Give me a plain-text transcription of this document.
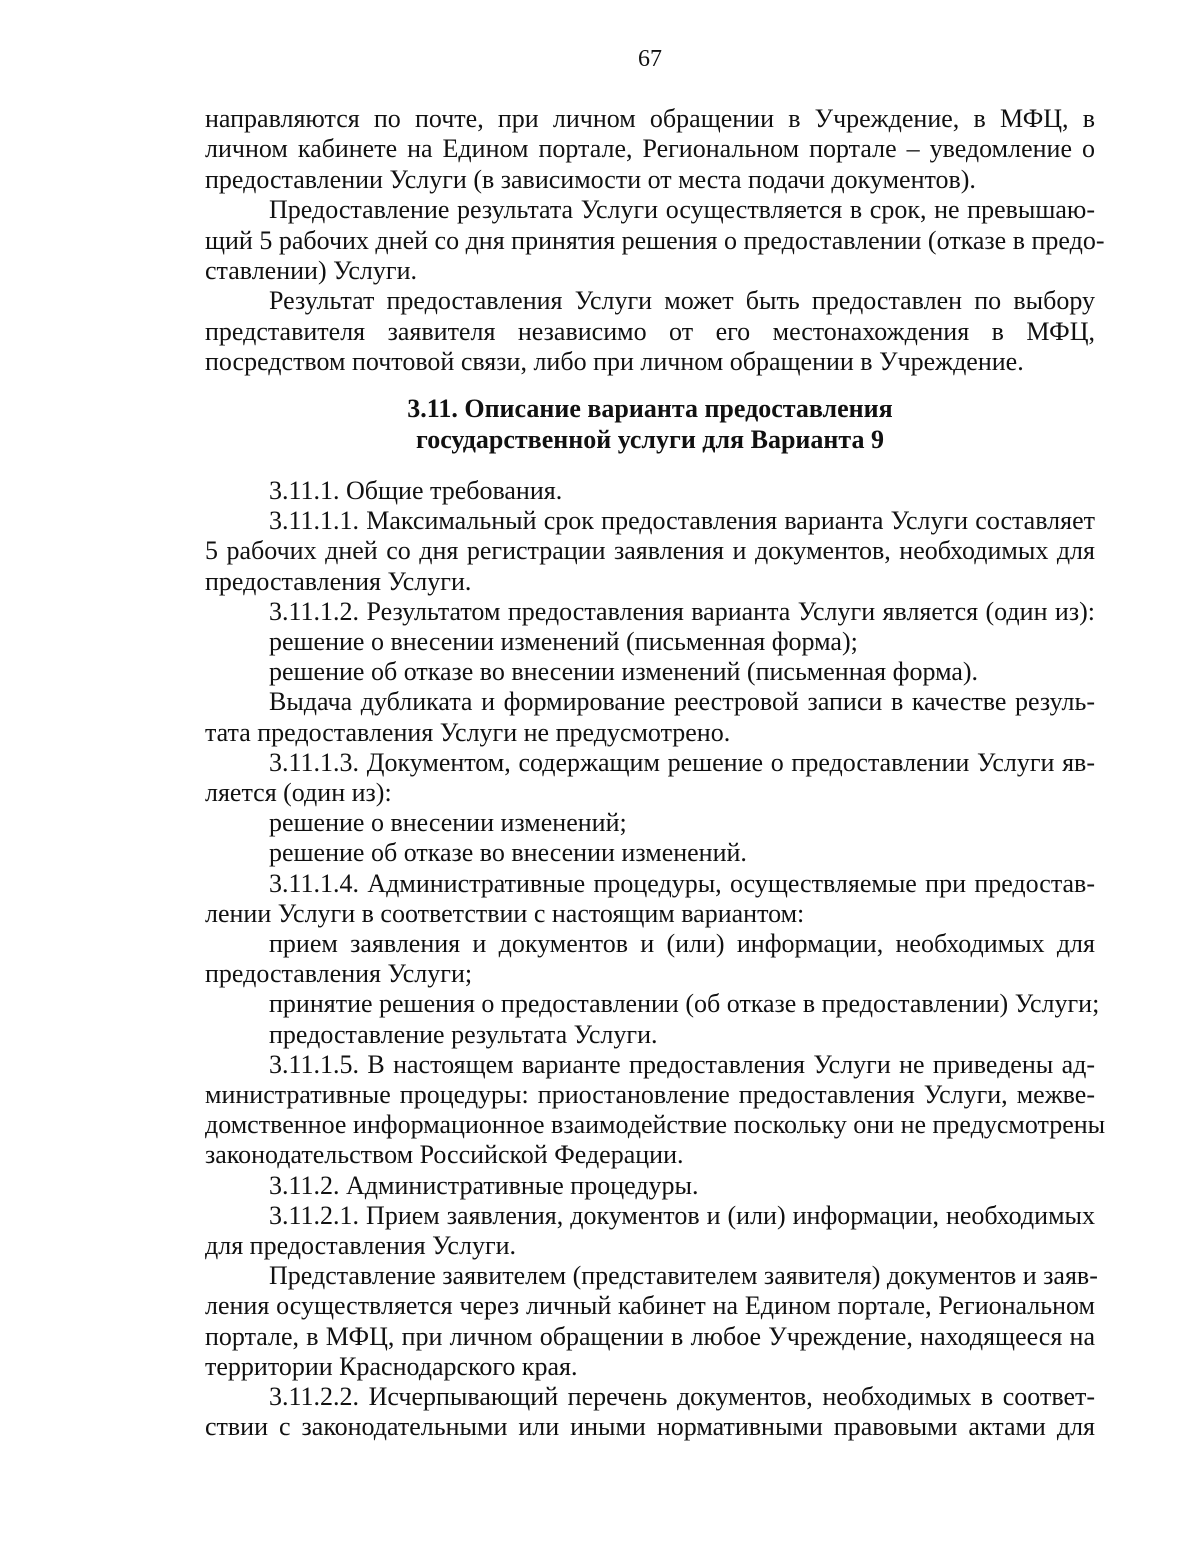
67
направляются по почте, при личном обращении в Учреждение, в МФЦ, в
личном кабинете на Едином портале, Региональном портале – уведомление о
предоставлении Услуги (в зависимости от места подачи документов).
Предоставление результата Услуги осуществляется в срок, не превышаю-
щий 5 рабочих дней со дня принятия решения о предоставлении (отказе в предо-
ставлении) Услуги.
Результат предоставления Услуги может быть предоставлен по выбору
представителя заявителя независимо от его местонахождения в МФЦ,
посредством почтовой связи, либо при личном обращении в Учреждение.
3.11. Описание варианта предоставления
государственной услуги для Варианта 9
3.11.1. Общие требования.
3.11.1.1. Максимальный срок предоставления варианта Услуги составляет
5 рабочих дней со дня регистрации заявления и документов, необходимых для
предоставления Услуги.
3.11.1.2. Результатом предоставления варианта Услуги является (один из):
решение о внесении изменений (письменная форма);
решение об отказе во внесении изменений (письменная форма).
Выдача дубликата и формирование реестровой записи в качестве резуль-
тата предоставления Услуги не предусмотрено.
3.11.1.3. Документом, содержащим решение о предоставлении Услуги яв-
ляется (один из):
решение о внесении изменений;
решение об отказе во внесении изменений.
3.11.1.4. Административные процедуры, осуществляемые при предостав-
лении Услуги в соответствии с настоящим вариантом:
прием заявления и документов и (или) информации, необходимых для
предоставления Услуги;
принятие решения о предоставлении (об отказе в предоставлении) Услуги;
предоставление результата Услуги.
3.11.1.5. В настоящем варианте предоставления Услуги не приведены ад-
министративные процедуры: приостановление предоставления Услуги, межве-
домственное информационное взаимодействие поскольку они не предусмотрены
законодательством Российской Федерации.
3.11.2. Административные процедуры.
3.11.2.1. Прием заявления, документов и (или) информации, необходимых
для предоставления Услуги.
Представление заявителем (представителем заявителя) документов и заяв-
ления осуществляется через личный кабинет на Едином портале, Региональном
портале, в МФЦ, при личном обращении в любое Учреждение, находящееся на
территории Краснодарского края.
3.11.2.2. Исчерпывающий перечень документов, необходимых в соответ-
ствии с законодательными или иными нормативными правовыми актами для
